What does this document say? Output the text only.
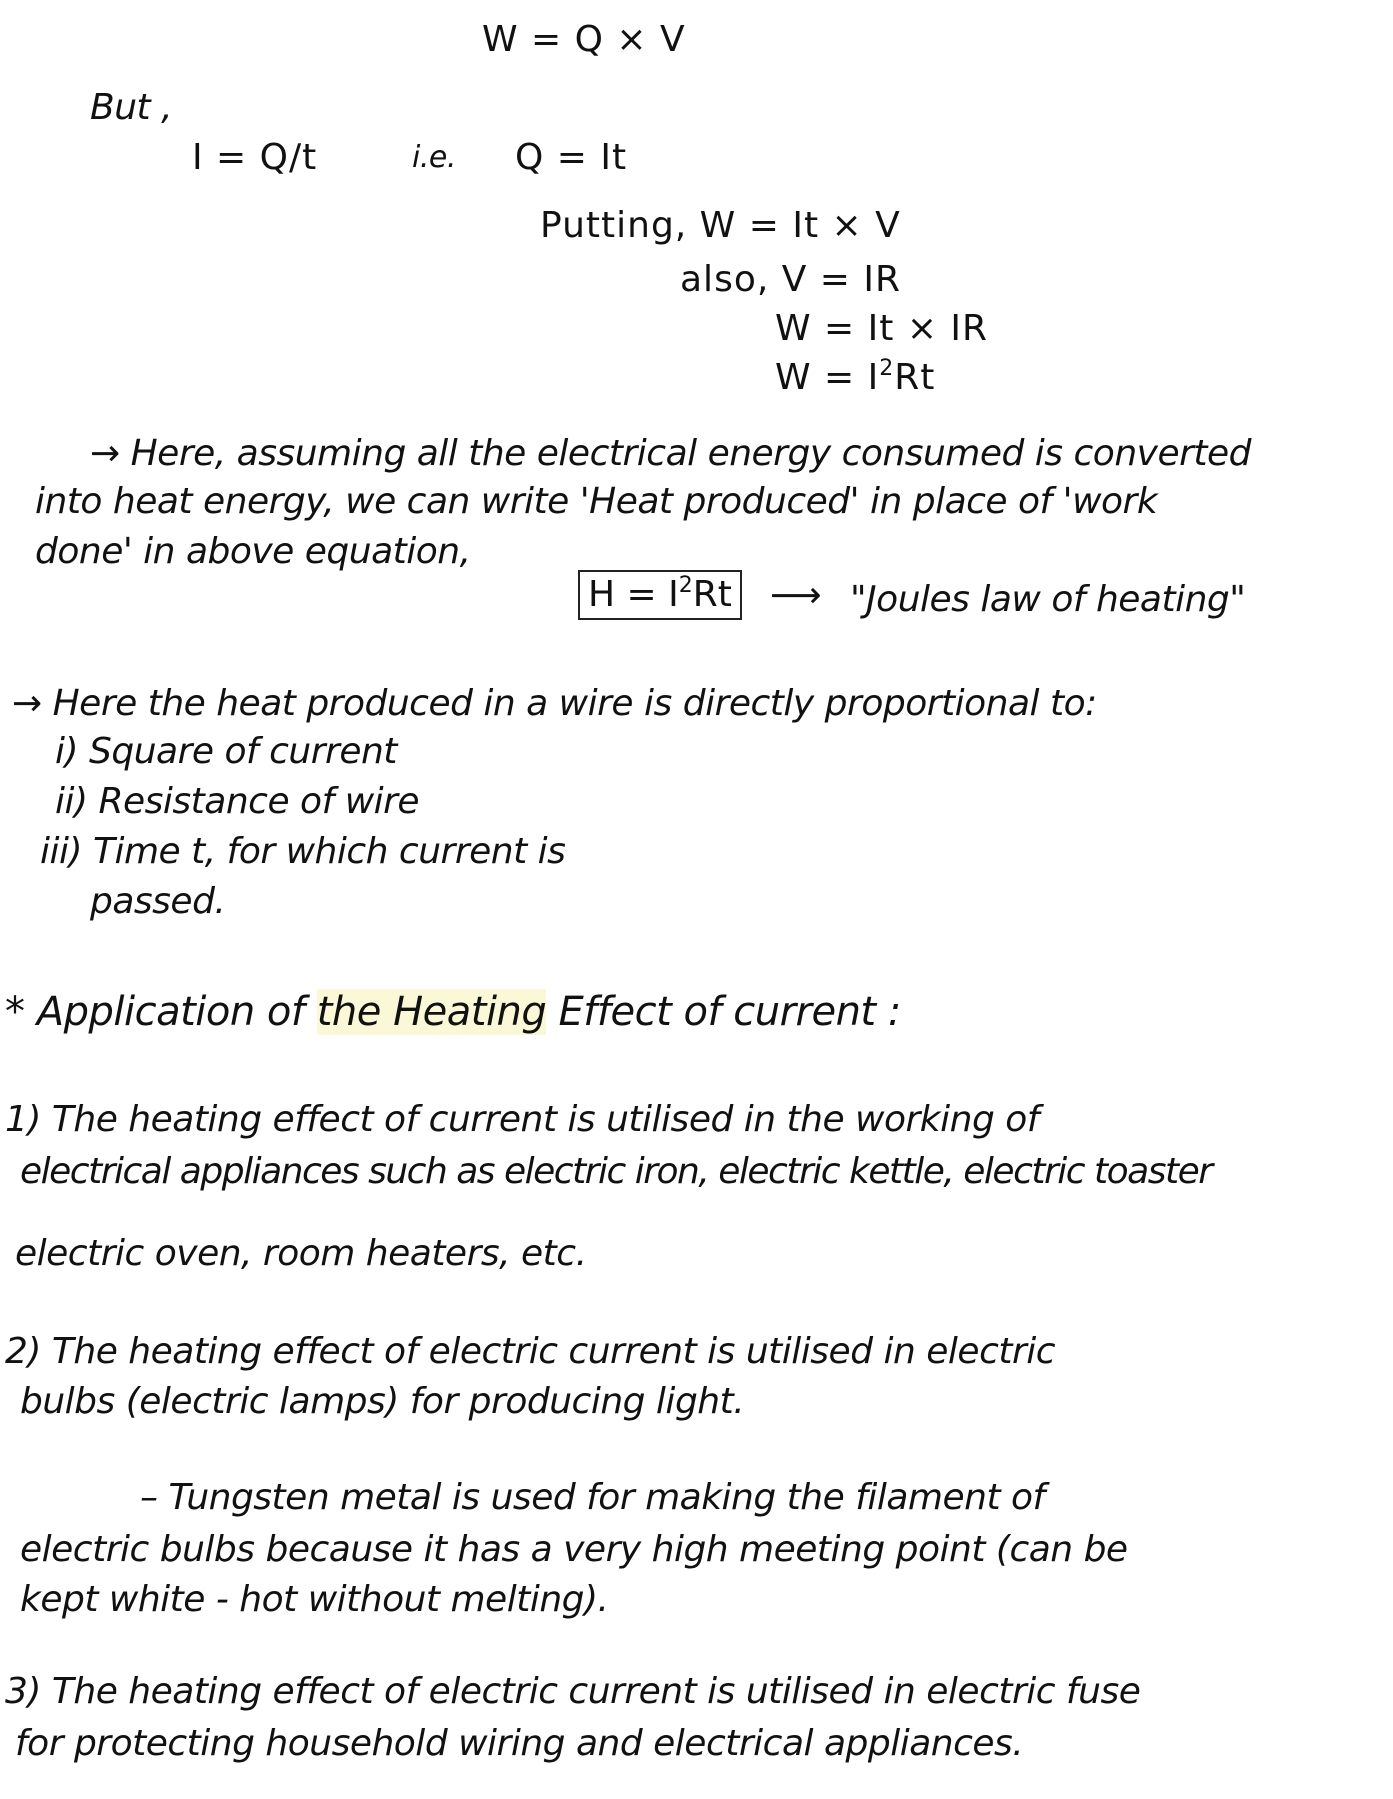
W = Q × V
But ,
I = Q/t	i.e. Q = It
Putting, W = It × V
also, V = IR
W = It × IR
$W = I^2Rt$
→ Here, assuming all the electrical energy consumed is converted
into heat energy, we can write 'Heat produced' in place of 'work
done' in above equation,
$H = I^2Rt$ ⟶ "Joules law of heating"
→ Here the heat produced in a wire is directly proportional to:
i) Square of current
ii) Resistance of wire
iii) Time t, for which current is
passed.
* Application of the Heating Effect of current :
1) The heating effect of current is utilised in the working of
electrical appliances such as electric iron, electric kettle, electric toaster
electric oven, room heaters, etc.
2) The heating effect of electric current is utilised in electric
bulbs (electric lamps) for producing light.
– Tungsten metal is used for making the filament of
electric bulbs because it has a very high meeting point (can be
kept white - hot without melting).
3) The heating effect of electric current is utilised in electric fuse
for protecting household wiring and electrical appliances.
